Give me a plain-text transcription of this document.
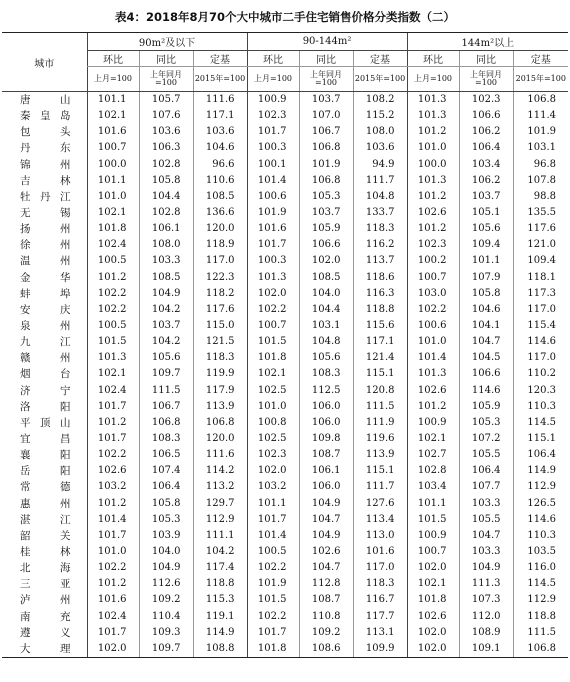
表4：2018年8月70个大中城市二手住宅销售价格分类指数（二）
城市	90m²及以下			90-144m²			144m²以上		
	环比	同比	定基	环比	同比	定基	环比	同比	定基
	上月=100	上年同月=100	2015年=100	上月=100	上年同月=100	2015年=100	上月=100	上年同月=100	2015年=100

唐 山	101.1	105.7	111.6	100.9	103.7	108.2	101.3	102.3	106.8

秦 皇 岛	102.1	107.6	117.1	102.3	107.0	115.2	101.3	106.6	111.4

包 头	101.6	103.6	103.6	101.7	106.7	108.0	101.2	106.2	101.9

丹 东	100.7	106.3	104.6	100.3	106.8	103.6	101.0	106.4	103.1

锦 州	100.0	102.8	96.6	100.1	101.9	94.9	100.0	103.4	96.8

吉 林	101.1	105.8	110.6	101.4	106.8	111.7	101.3	106.2	107.8

牡 丹 江	101.0	104.4	108.5	100.6	105.3	104.8	101.2	103.7	98.8

无 锡	102.1	102.8	136.6	101.9	103.7	133.7	102.6	105.1	135.5

扬 州	101.8	106.1	120.0	101.6	105.9	118.3	101.2	105.6	117.6

徐 州	102.4	108.0	118.9	101.7	106.6	116.2	102.3	109.4	121.0

温 州	100.5	103.3	117.0	100.3	102.0	113.7	100.2	101.1	109.4

金 华	101.2	108.5	122.3	101.3	108.5	118.6	100.7	107.9	118.1

蚌 埠	102.2	104.9	118.2	102.0	104.0	116.3	103.0	105.8	117.3

安 庆	102.2	104.2	117.6	102.2	104.4	118.8	102.2	104.6	117.0

泉 州	100.5	103.7	115.0	100.7	103.1	115.6	100.6	104.1	115.4

九 江	101.5	104.2	121.5	101.5	104.8	117.1	101.0	104.7	114.6

赣 州	101.3	105.6	118.3	101.8	105.6	121.4	101.4	104.5	117.0

烟 台	102.1	109.7	119.9	102.1	108.3	115.1	101.3	106.6	110.2

济 宁	102.4	111.5	117.9	102.5	112.5	120.8	102.6	114.6	120.3

洛 阳	101.7	106.7	113.9	101.0	106.0	111.5	101.2	105.9	110.3

平 顶 山	101.2	106.8	106.8	100.8	106.0	111.9	100.9	105.3	114.5

宜 昌	101.7	108.3	120.0	102.5	109.8	119.6	102.1	107.2	115.1

襄 阳	102.2	106.5	111.6	102.3	108.7	113.9	102.7	105.5	106.4

岳 阳	102.6	107.4	114.2	102.0	106.1	115.1	102.8	106.4	114.9

常 德	103.2	106.4	113.2	103.2	106.0	111.7	103.4	107.7	112.9

惠 州	101.2	105.8	129.7	101.1	104.9	127.6	101.1	103.3	126.5

湛 江	101.4	105.3	112.9	101.7	104.7	113.4	101.5	105.5	114.6

韶 关	101.7	103.9	111.1	101.4	104.9	113.0	100.9	104.7	110.3

桂 林	101.0	104.0	104.2	100.5	102.6	101.6	100.7	103.3	103.5

北 海	102.2	104.9	117.4	102.2	104.7	117.0	102.0	104.9	116.0

三 亚	101.2	112.6	118.8	101.9	112.8	118.3	102.1	111.3	114.5

泸 州	101.6	109.2	115.3	101.5	108.7	116.7	101.8	107.3	112.9

南 充	102.4	110.4	119.1	102.2	110.8	117.7	102.6	112.0	118.8

遵 义	101.7	109.3	114.9	101.7	109.2	113.1	102.0	108.9	111.5

大 理	102.0	109.7	108.8	101.8	108.6	109.9	102.0	109.1	106.8
